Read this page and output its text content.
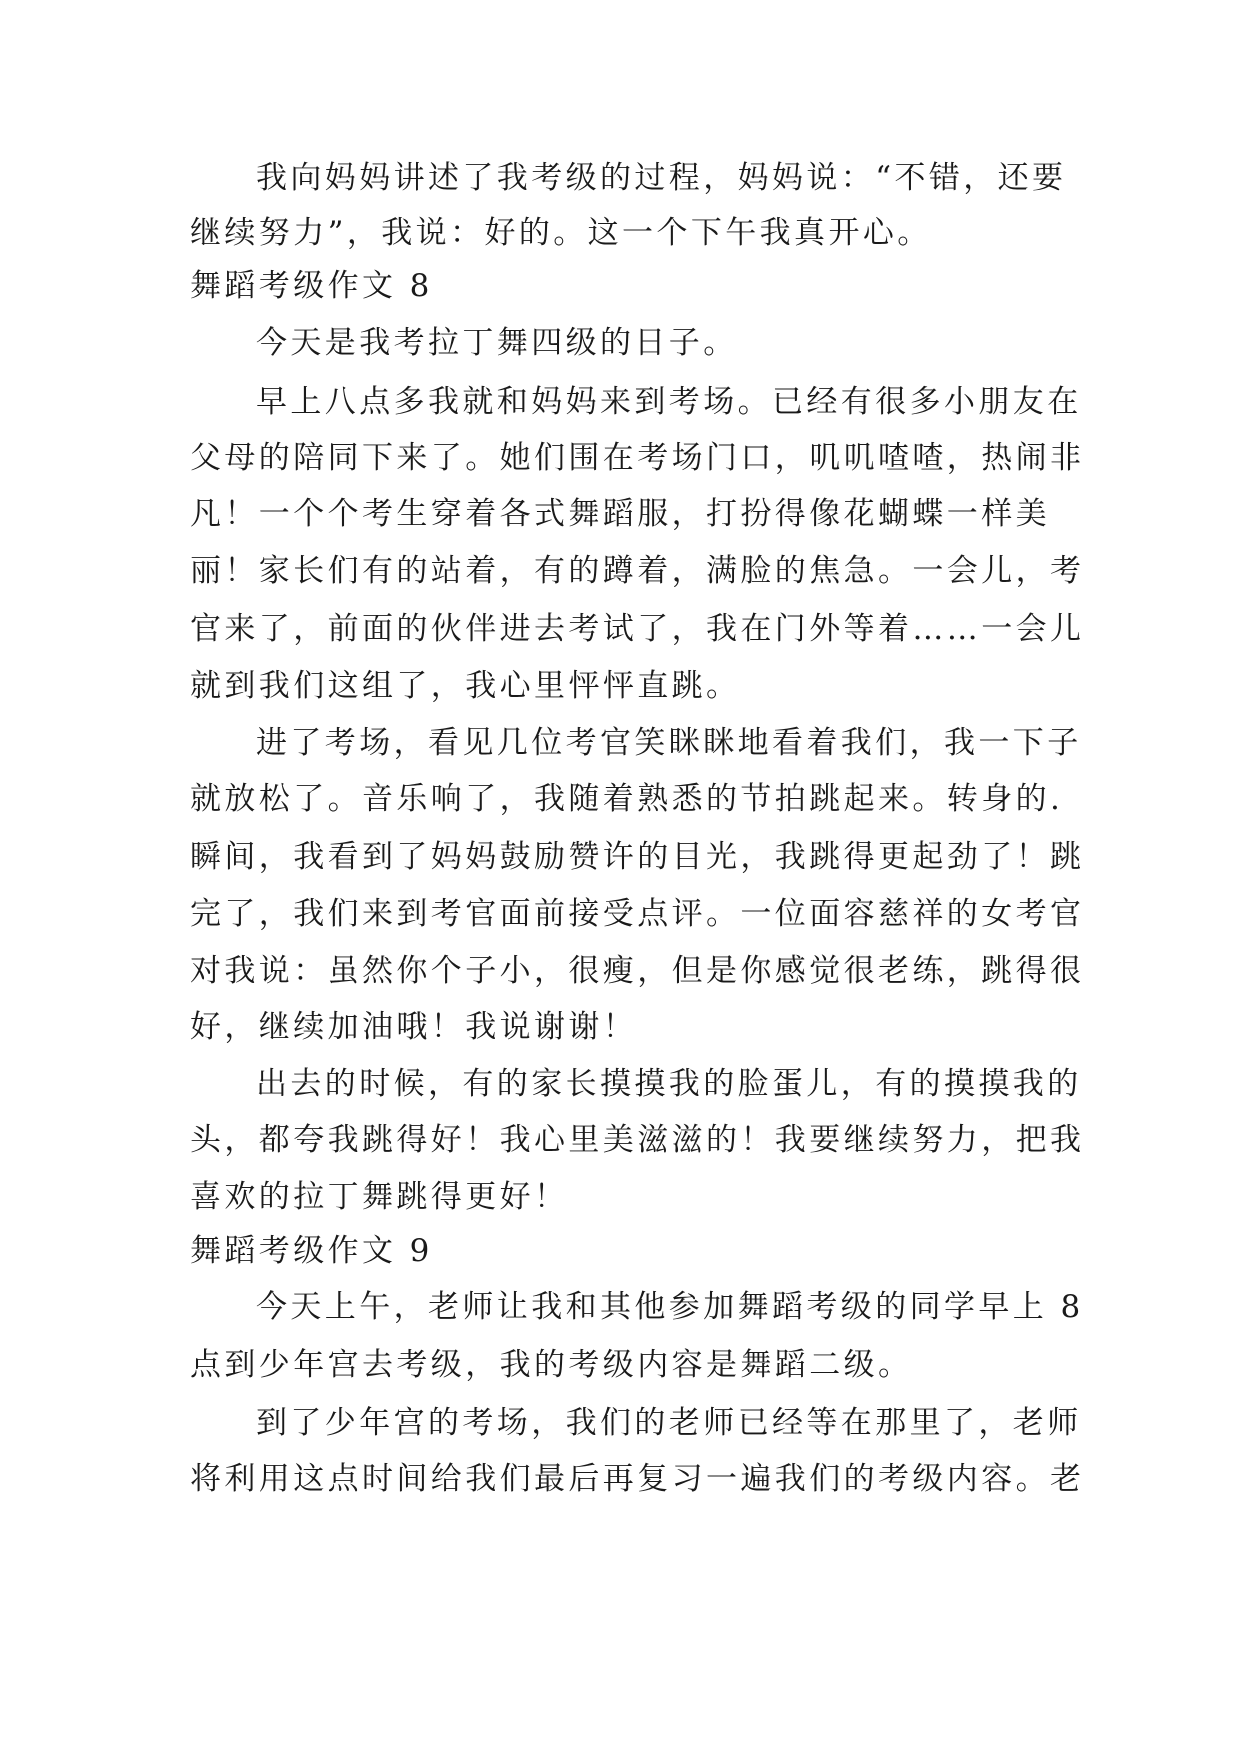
我向妈妈讲述了我考级的过程，妈妈说：“不错，还要
继续努力”，我说：好的。这一个下午我真开心。
舞蹈考级作文 8
今天是我考拉丁舞四级的日子。
早上八点多我就和妈妈来到考场。已经有很多小朋友在
父母的陪同下来了。她们围在考场门口，叽叽喳喳，热闹非
凡！一个个考生穿着各式舞蹈服，打扮得像花蝴蝶一样美
丽！家长们有的站着，有的蹲着，满脸的焦急。一会儿，考
官来了，前面的伙伴进去考试了，我在门外等着……一会儿
就到我们这组了，我心里怦怦直跳。
进了考场，看见几位考官笑眯眯地看着我们，我一下子
就放松了。音乐响了，我随着熟悉的节拍跳起来。转身的.
瞬间，我看到了妈妈鼓励赞许的目光，我跳得更起劲了！跳
完了，我们来到考官面前接受点评。一位面容慈祥的女考官
对我说：虽然你个子小，很瘦，但是你感觉很老练，跳得很
好，继续加油哦！我说谢谢！
出去的时候，有的家长摸摸我的脸蛋儿，有的摸摸我的
头，都夸我跳得好！我心里美滋滋的！我要继续努力，把我
喜欢的拉丁舞跳得更好！
舞蹈考级作文 9
今天上午，老师让我和其他参加舞蹈考级的同学早上 8
点到少年宫去考级，我的考级内容是舞蹈二级。
到了少年宫的考场，我们的老师已经等在那里了，老师
将利用这点时间给我们最后再复习一遍我们的考级内容。老
